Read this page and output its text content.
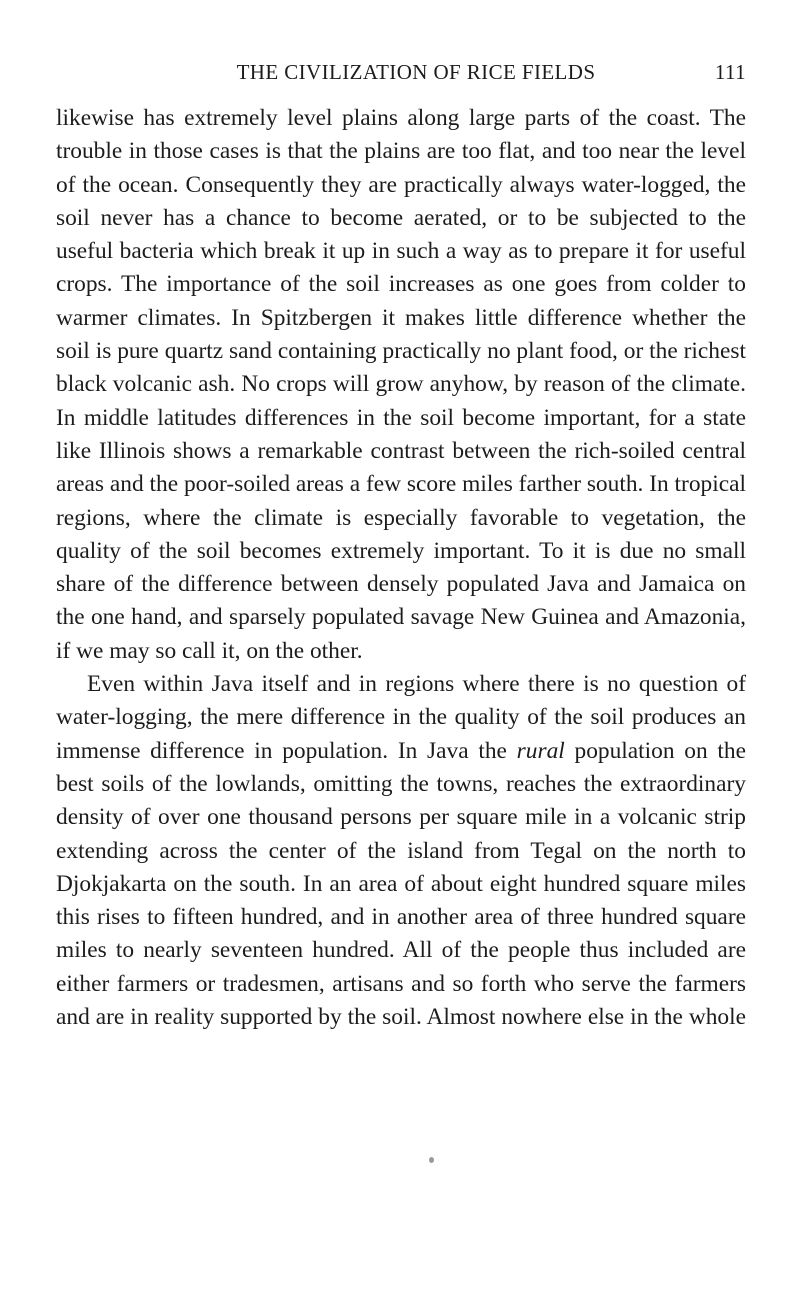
THE CIVILIZATION OF RICE FIELDS	111

likewise has extremely level plains along large parts of the coast. The trouble in those cases is that the plains are too flat, and too near the level of the ocean. Consequently they are practically always water-logged, the soil never has a chance to become aerated, or to be subjected to the useful bacteria which break it up in such a way as to prepare it for useful crops. The importance of the soil increases as one goes from colder to warmer climates. In Spitzbergen it makes little difference whether the soil is pure quartz sand containing practically no plant food, or the richest black volcanic ash. No crops will grow anyhow, by reason of the climate. In middle latitudes differences in the soil become important, for a state like Illinois shows a remarkable contrast between the rich-soiled central areas and the poor-soiled areas a few score miles farther south. In tropical regions, where the climate is especially favorable to vegetation, the quality of the soil becomes extremely important. To it is due no small share of the difference between densely populated Java and Jamaica on the one hand, and sparsely populated savage New Guinea and Amazonia, if we may so call it, on the other.

Even within Java itself and in regions where there is no question of water-logging, the mere difference in the quality of the soil produces an immense difference in population. In Java the rural population on the best soils of the lowlands, omitting the towns, reaches the extraordinary density of over one thousand persons per square mile in a volcanic strip extending across the center of the island from Tegal on the north to Djokjakarta on the south. In an area of about eight hundred square miles this rises to fifteen hundred, and in another area of three hundred square miles to nearly seventeen hundred. All of the people thus included are either farmers or tradesmen, artisans and so forth who serve the farmers and are in reality supported by the soil. Almost nowhere else in the whole
